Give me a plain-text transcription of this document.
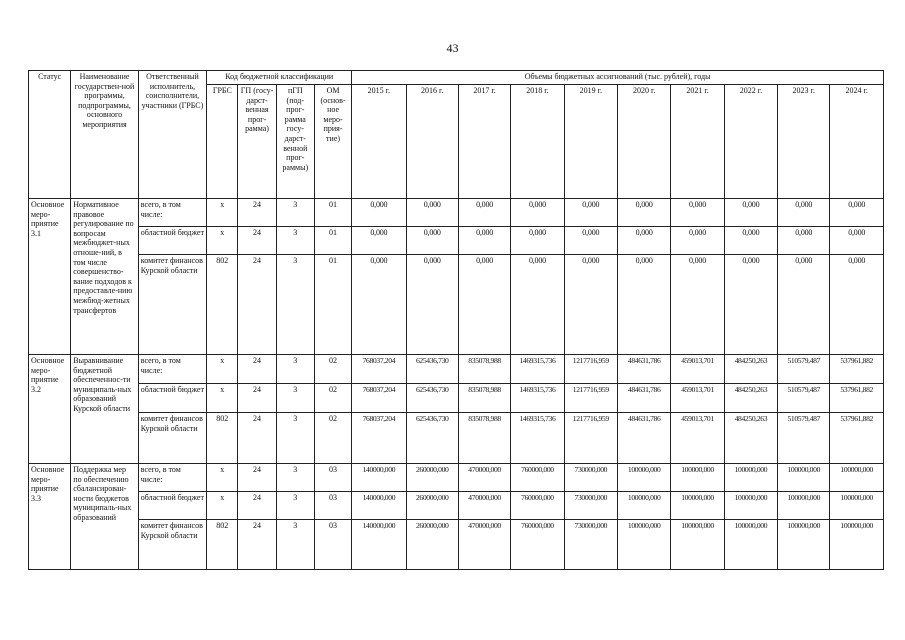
43
Статус	Наименование государствен-ной программы, подпрограммы, основного мероприятия	Ответственный исполнитель, соисполнители, участники (ГРБС)	Код бюджетной классификации				Объемы бюджетных ассигнований (тыс. рублей), годы									
			ГРБС	ГП (госу-дарст-венная прог-рамма)	пГП (под-прог-рамма госу-дарст-венной прог-раммы)	ОМ (основ-ное меро-прия-тие)	2015 г.	2016 г.	2017 г.	2018 г.	2019 г.	2020 г.	2021 г.	2022 г.	2023 г.	2024 г.
Основное меро-приятие 3.1	Нормативное правовое регулирование по вопросам межбюджет-ных отноше-ний, в том числе совершенство-вание подходов к предоставле-нию межбюд-жетных трансфертов	всего, в том числе:	x	24	3	01	0,000	0,000	0,000	0,000	0,000	0,000	0,000	0,000	0,000	0,000
		областной бюджет	x	24	3	01	0,000	0,000	0,000	0,000	0,000	0,000	0,000	0,000	0,000	0,000
		комитет финансов Курской области	802	24	3	01	0,000	0,000	0,000	0,000	0,000	0,000	0,000	0,000	0,000	0,000
Основное меро-приятие 3.2	Выравнивание бюджетной обеспеченнос-ти муниципаль-ных образований Курской области	всего, в том числе:	x	24	3	02	768037,204	625436,730	835078,988	1469315,736	1217716,959	484631,786	459013,701	484250,263	510579,487	537961,882
		областной бюджет	x	24	3	02	768037,204	625436,730	835078,988	1469315,736	1217716,959	484631,786	459013,701	484250,263	510579,487	537961,882
		комитет финансов Курской области	802	24	3	02	768037,204	625436,730	835078,988	1469315,736	1217716,959	484631,786	459013,701	484250,263	510579,487	537961,882
Основное меро-приятие 3.3	Поддержка мер по обеспечению сбалансирован-ности бюджетов муниципаль-ных образований	всего, в том числе:	x	24	3	03	140000,000	260000,000	470000,000	760000,000	730000,000	100000,000	100000,000	100000,000	100000,000	100000,000
		областной бюджет	x	24	3	03	140000,000	260000,000	470000,000	760000,000	730000,000	100000,000	100000,000	100000,000	100000,000	100000,000
		комитет финансов Курской области	802	24	3	03	140000,000	260000,000	470000,000	760000,000	730000,000	100000,000	100000,000	100000,000	100000,000	100000,000
